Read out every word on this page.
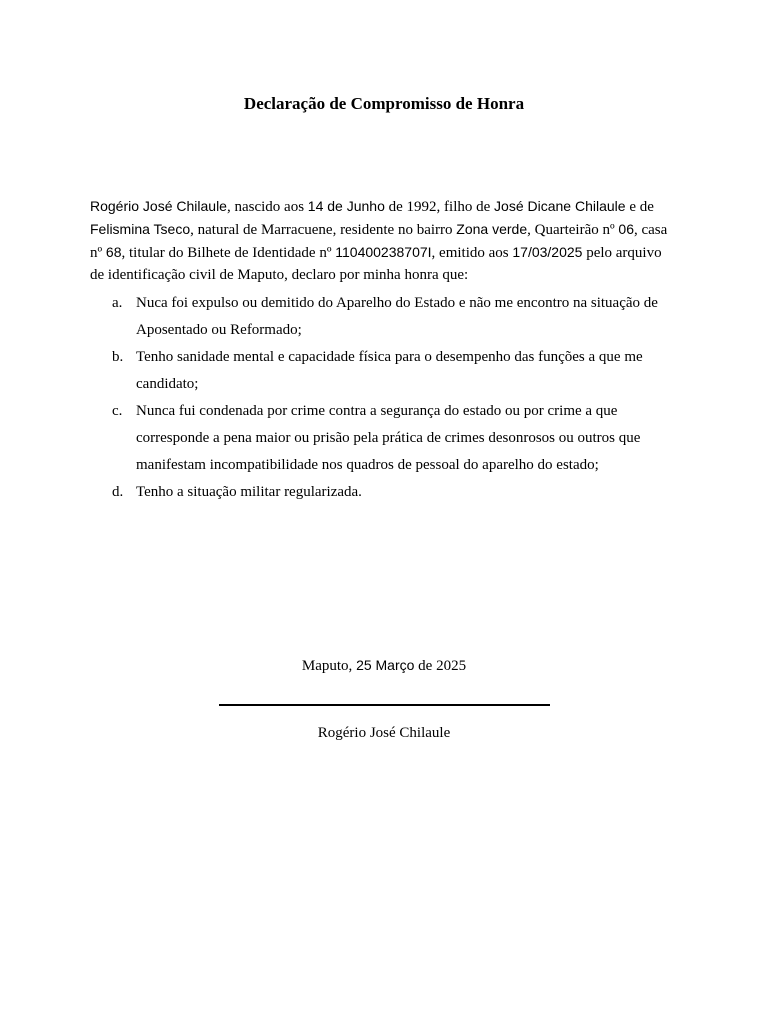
Declaração de Compromisso de Honra

Rogério José Chilaule, nascido aos 14 de Junho de 1992, filho de José Dicane Chilaule e de Felismina Tseco, natural de Marracuene, residente no bairro Zona verde, Quarteirão nº 06, casa nº 68, titular do Bilhete de Identidade nº 110400238707I, emitido aos 17/03/2025 pelo arquivo de identificação civil de Maputo, declaro por minha honra que:

a. Nuca foi expulso ou demitido do Aparelho do Estado e não me encontro na situação de Aposentado ou Reformado;
b. Tenho sanidade mental e capacidade física para o desempenho das funções a que me candidato;
c. Nunca fui condenada por crime contra a segurança do estado ou por crime a que corresponde a pena maior ou prisão pela prática de crimes desonrosos ou outros que manifestam incompatibilidade nos quadros de pessoal do aparelho do estado;
d. Tenho a situação militar regularizada.

Maputo, 25 Março de 2025

Rogério José Chilaule
